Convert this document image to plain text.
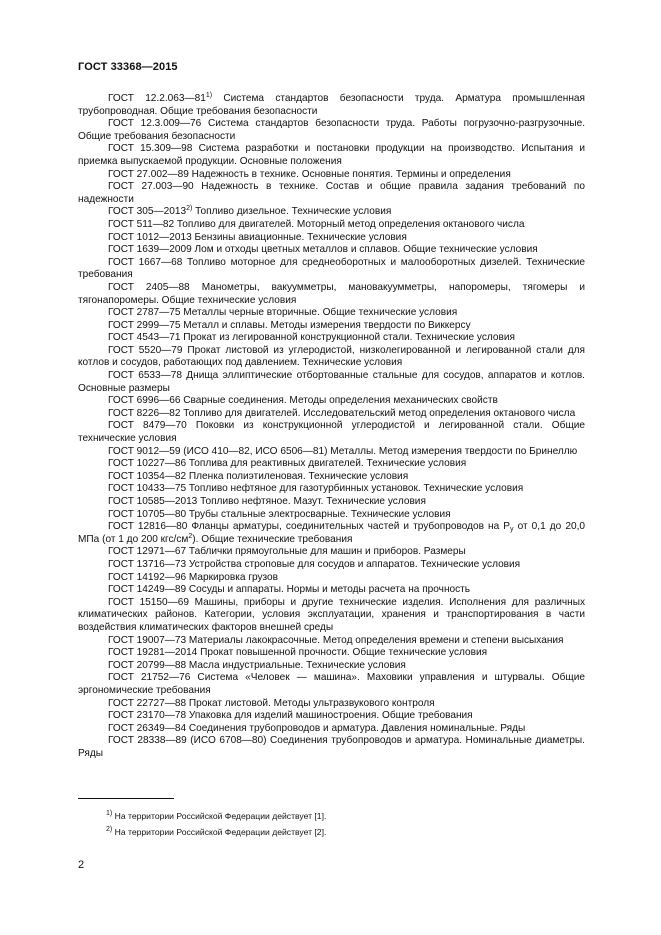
ГОСТ 33368—2015

ГОСТ 12.2.063—81$^{1)}$ Система стандартов безопасности труда. Арматура промышленная трубопроводная. Общие требования безопасности

ГОСТ 12.3.009—76 Система стандартов безопасности труда. Работы погрузочно-разгрузочные. Общие требования безопасности

ГОСТ 15.309—98 Система разработки и постановки продукции на производство. Испытания и приемка выпускаемой продукции. Основные положения

ГОСТ 27.002—89 Надежность в технике. Основные понятия. Термины и определения

ГОСТ 27.003—90 Надежность в технике. Состав и общие правила задания требований по надежности

ГОСТ 305—2013$^{2)}$ Топливо дизельное. Технические условия

ГОСТ 511—82 Топливо для двигателей. Моторный метод определения октанового числа

ГОСТ 1012—2013 Бензины авиационные. Технические условия

ГОСТ 1639—2009 Лом и отходы цветных металлов и сплавов. Общие технические условия

ГОСТ 1667—68 Топливо моторное для среднеоборотных и малооборотных дизелей. Технические требования

ГОСТ 2405—88 Манометры, вакуумметры, мановакуумметры, напоромеры, тягомеры и тягонапоромеры. Общие технические условия

ГОСТ 2787—75 Металлы черные вторичные. Общие технические условия

ГОСТ 2999—75 Металл и сплавы. Методы измерения твердости по Виккерсу

ГОСТ 4543—71 Прокат из легированной конструкционной стали. Технические условия

ГОСТ 5520—79 Прокат листовой из углеродистой, низколегированной и легированной стали для котлов и сосудов, работающих под давлением. Технические условия

ГОСТ 6533—78 Днища эллиптические отбортованные стальные для сосудов, аппаратов и котлов. Основные размеры

ГОСТ 6996—66 Сварные соединения. Методы определения механических свойств

ГОСТ 8226—82 Топливо для двигателей. Исследовательский метод определения октанового числа

ГОСТ 8479—70 Поковки из конструкционной углеродистой и легированной стали. Общие технические условия

ГОСТ 9012—59 (ИСО 410—82, ИСО 6506—81) Металлы. Метод измерения твердости по Бринеллю

ГОСТ 10227—86 Топлива для реактивных двигателей. Технические условия

ГОСТ 10354—82 Пленка полиэтиленовая. Технические условия

ГОСТ 10433—75 Топливо нефтяное для газотурбинных установок. Технические условия

ГОСТ 10585—2013 Топливо нефтяное. Мазут. Технические условия

ГОСТ 10705—80 Трубы стальные электросварные. Технические условия

ГОСТ 12816—80 Фланцы арматуры, соединительных частей и трубопроводов на $Р_у$ от 0,1 до 20,0 МПа (от 1 до 200 кгс/$см^2$). Общие технические требования

ГОСТ 12971—67 Таблички прямоугольные для машин и приборов. Размеры

ГОСТ 13716—73 Устройства строповые для сосудов и аппаратов. Технические условия

ГОСТ 14192—96 Маркировка грузов

ГОСТ 14249—89 Сосуды и аппараты. Нормы и методы расчета на прочность

ГОСТ 15150—69 Машины, приборы и другие технические изделия. Исполнения для различных климатических районов. Категории, условия эксплуатации, хранения и транспортирования в части воздействия климатических факторов внешней среды

ГОСТ 19007—73 Материалы лакокрасочные. Метод определения времени и степени высыхания

ГОСТ 19281—2014 Прокат повышенной прочности. Общие технические условия

ГОСТ 20799—88 Масла индустриальные. Технические условия

ГОСТ 21752—76 Система «Человек — машина». Маховики управления и штурвалы. Общие эргономические требования

ГОСТ 22727—88 Прокат листовой. Методы ультразвукового контроля

ГОСТ 23170—78 Упаковка для изделий машиностроения. Общие требования

ГОСТ 26349—84 Соединения трубопроводов и арматура. Давления номинальные. Ряды

ГОСТ 28338—89 (ИСО 6708—80) Соединения трубопроводов и арматура. Номинальные диаметры. Ряды

$^{1)}$ На территории Российской Федерации действует [1].

$^{2)}$ На территории Российской Федерации действует [2].

2
